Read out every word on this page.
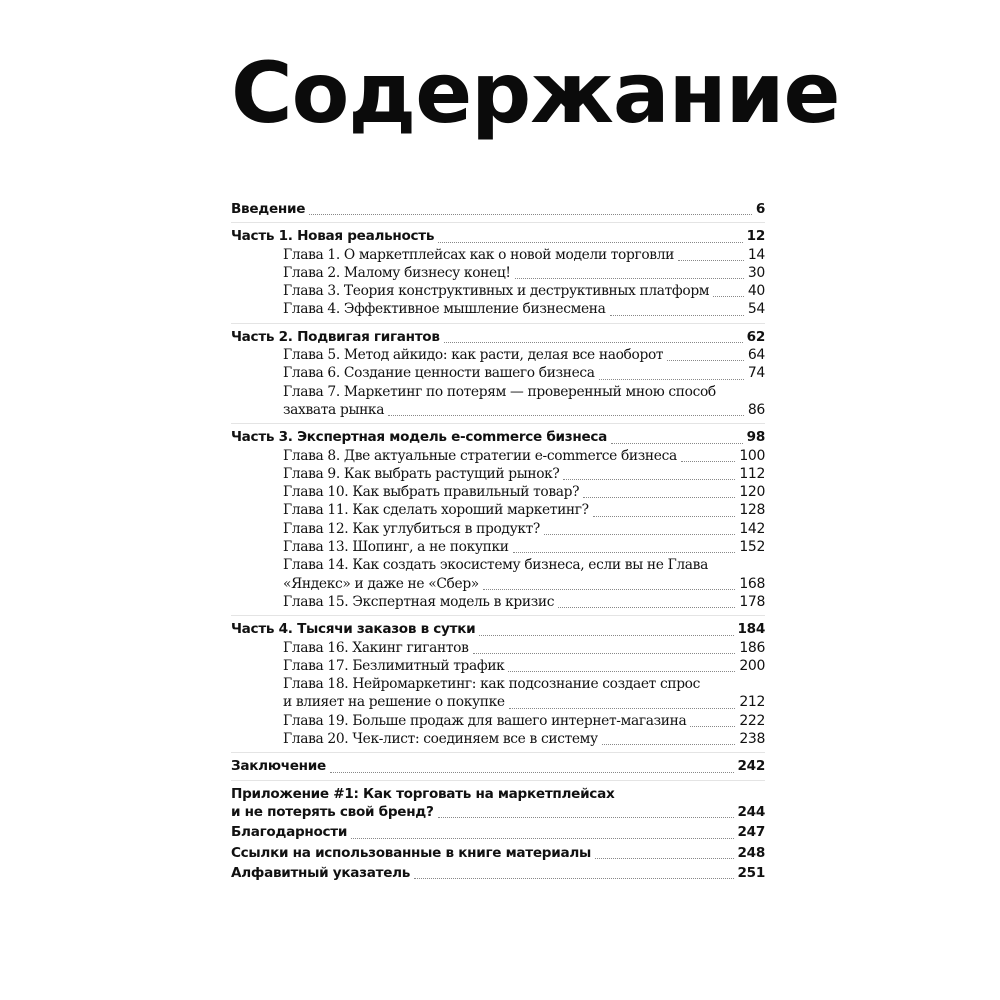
Содержание
Введение	6
Часть 1. Новая реальность	12
Глава 1. О маркетплейсах как о новой модели торговли	14
Глава 2. Малому бизнесу конец!	30
Глава 3. Теория конструктивных и деструктивных платформ	40
Глава 4. Эффективное мышление бизнесмена	54
Часть 2. Подвигая гигантов	62
Глава 5. Метод айкидо: как расти, делая все наоборот	64
Глава 6. Создание ценности вашего бизнеса	74
Глава 7. Маркетинг по потерям — проверенный мною способ
захвата рынка	86
Часть 3. Экспертная модель e-commerce бизнеса	98
Глава 8. Две актуальные стратегии e-commerce бизнеса	100
Глава 9. Как выбрать растущий рынок?	112
Глава 10. Как выбрать правильный товар?	120
Глава 11. Как сделать хороший маркетинг?	128
Глава 12. Как углубиться в продукт?	142
Глава 13. Шопинг, а не покупки	152
Глава 14. Как создать экосистему бизнеса, если вы не Глава
«Яндекс» и даже не «Сбер»	168
Глава 15. Экспертная модель в кризис	178
Часть 4. Тысячи заказов в сутки	184
Глава 16. Хакинг гигантов	186
Глава 17. Безлимитный трафик	200
Глава 18. Нейромаркетинг: как подсознание создает спрос
и влияет на решение о покупке	212
Глава 19. Больше продаж для вашего интернет-магазина	222
Глава 20. Чек-лист: соединяем все в систему	238
Заключение	242
Приложение #1: Как торговать на маркетплейсах
и не потерять свой бренд?	244
Благодарности	247
Ссылки на использованные в книге материалы	248
Алфавитный указатель	251
